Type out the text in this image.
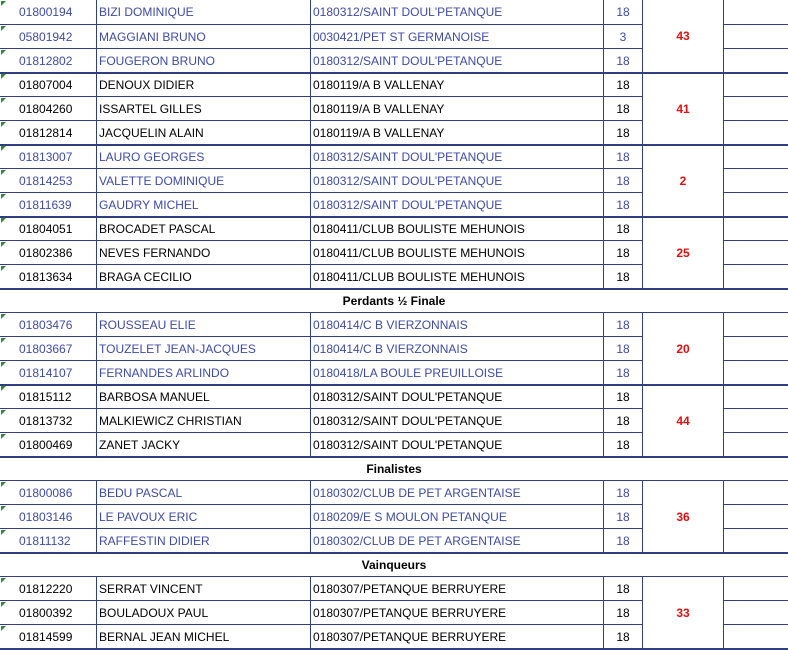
01800194	BIZI DOMINIQUE	0180312/SAINT DOUL'PETANQUE	18
05801942	MAGGIANI BRUNO	0030421/PET ST GERMANOISE	3
01812802	FOUGERON BRUNO	0180312/SAINT DOUL'PETANQUE	18
43
01807004	DENOUX DIDIER	0180119/A B VALLENAY	18
01804260	ISSARTEL GILLES	0180119/A B VALLENAY	18
01812814	JACQUELIN ALAIN	0180119/A B VALLENAY	18
41
01813007	LAURO GEORGES	0180312/SAINT DOUL'PETANQUE	18
01814253	VALETTE DOMINIQUE	0180312/SAINT DOUL'PETANQUE	18
01811639	GAUDRY MICHEL	0180312/SAINT DOUL'PETANQUE	18
2
01804051	BROCADET PASCAL	0180411/CLUB BOULISTE MEHUNOIS	18
01802386	NEVES FERNANDO	0180411/CLUB BOULISTE MEHUNOIS	18
01813634	BRAGA CECILIO	0180411/CLUB BOULISTE MEHUNOIS	18
25
Perdants ½ Finale
01803476	ROUSSEAU ELIE	0180414/C B VIERZONNAIS	18
01803667	TOUZELET JEAN-JACQUES	0180414/C B VIERZONNAIS	18
01814107	FERNANDES ARLINDO	0180418/LA BOULE PREUILLOISE	18
20
01815112	BARBOSA MANUEL	0180312/SAINT DOUL'PETANQUE	18
01813732	MALKIEWICZ CHRISTIAN	0180312/SAINT DOUL'PETANQUE	18
01800469	ZANET JACKY	0180312/SAINT DOUL'PETANQUE	18
44
Finalistes
01800086	BEDU PASCAL	0180302/CLUB DE PET ARGENTAISE	18
01803146	LE PAVOUX ERIC	0180209/E S MOULON PETANQUE	18
01811132	RAFFESTIN DIDIER	0180302/CLUB DE PET ARGENTAISE	18
36
Vainqueurs
01812220	SERRAT VINCENT	0180307/PETANQUE BERRUYERE	18
01800392	BOULADOUX PAUL	0180307/PETANQUE BERRUYERE	18
01814599	BERNAL JEAN MICHEL	0180307/PETANQUE BERRUYERE	18
33
